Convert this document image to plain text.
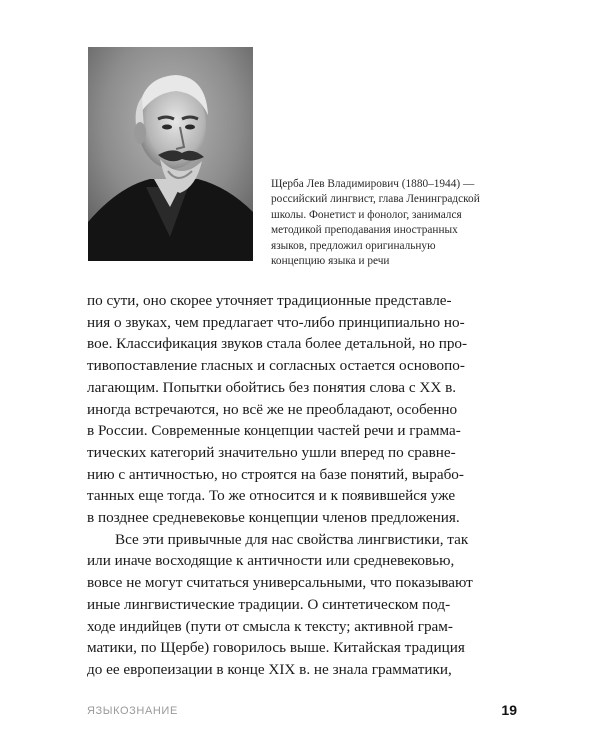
Щерба Лев Владимирович (1880–1944) —
российский лингвист, глава Ленинградской
школы. Фонетист и фонолог, занимался
методикой преподавания иностранных
языков, предложил оригинальную
концепцию языка и речи
по сути, оно скорее уточняет традиционные представле-
ния о звуках, чем предлагает что-либо принципиально но-
вое. Классификация звуков стала более детальной, но про-
тивопоставление гласных и согласных остается основопо-
лагающим. Попытки обойтись без понятия слова с XX в.
иногда встречаются, но всё же не преобладают, особенно
в России. Современные концепции частей речи и грамма-
тических категорий значительно ушли вперед по сравне-
нию с античностью, но строятся на базе понятий, вырабо-
танных еще тогда. То же относится и к появившейся уже
в позднее средневековье концепции членов предложения.
Все эти привычные для нас свойства лингвистики, так
или иначе восходящие к античности или средневековью,
вовсе не могут считаться универсальными, что показывают
иные лингвистические традиции. О синтетическом под-
ходе индийцев (пути от смысла к тексту; активной грам-
матики, по Щербе) говорилось выше. Китайская традиция
до ее европеизации в конце XIX в. не знала грамматики,
ЯЗЫКОЗНАНИЕ	19
